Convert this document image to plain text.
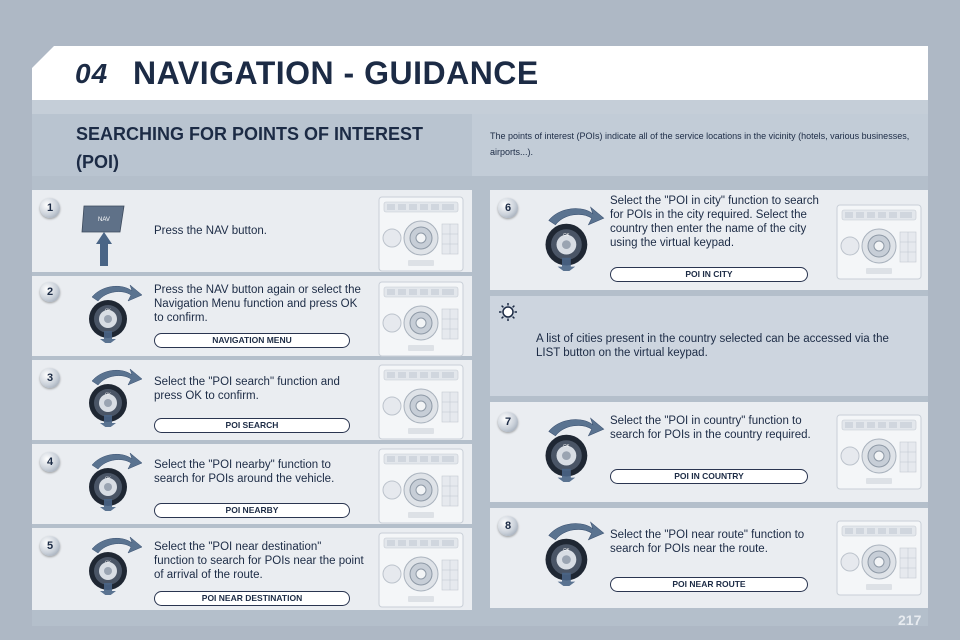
04 NAVIGATION - GUIDANCE
SEARCHING FOR POINTS OF INTEREST (POI)
The points of interest (POIs) indicate all of the service locations in the vicinity (hotels, various businesses, airports...).
1
NAV
Press the NAV button.
2	Press the NAV button again or select the Navigation Menu function and press OK to confirm.
NAVIGATION MENU
3	Select the "POI search" function and press OK to confirm.
POI SEARCH
4	Select the "POI nearby" function to search for POIs around the vehicle.
POI NEARBY
5	Select the "POI near destination" function to search for POIs near the point of arrival of the route.
POI NEAR DESTINATION
6
Select the "POI in city" function to search for POIs in the city required. Select the country then enter the name of the city using the virtual keypad.
POI IN CITY
A list of cities present in the country selected can be accessed via the LIST button on the virtual keypad.
7	Select the "POI in country" function to search for POIs in the country required.
POI IN COUNTRY
8
Select the "POI near route" function to search for POIs near the route.
POI NEAR ROUTE
217
